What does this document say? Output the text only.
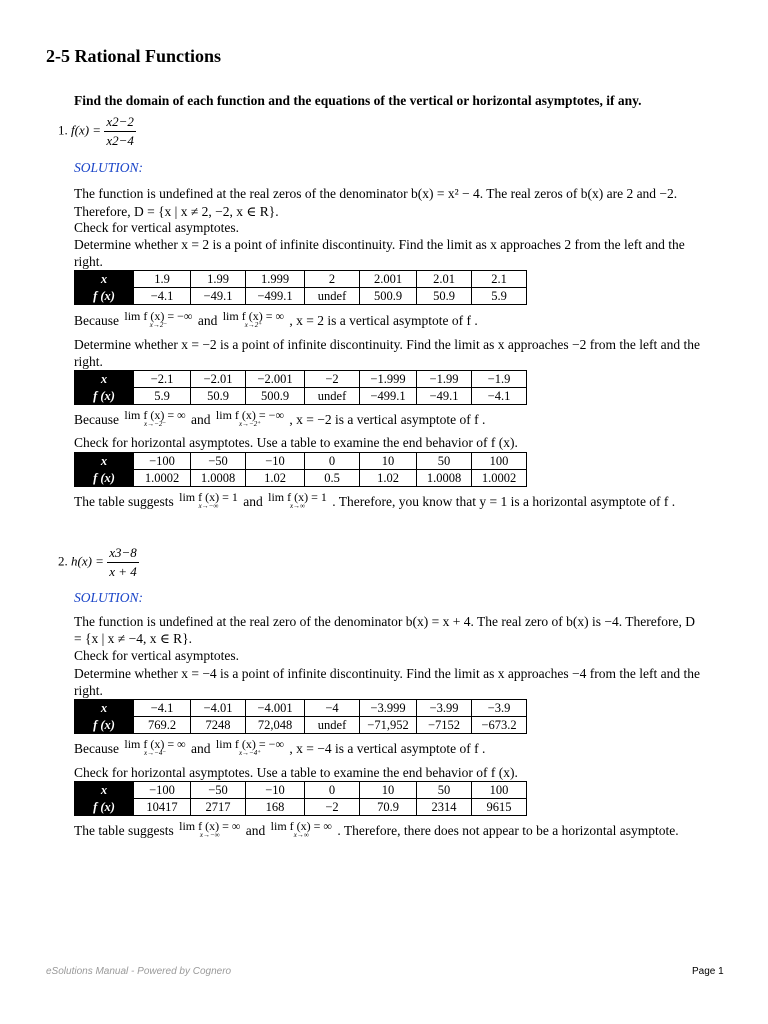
2-5 Rational Functions
Find the domain of each function and the equations of the vertical or horizontal asymptotes, if any.
1. $f(x) = \frac{x2-2}{x2-4}$
SOLUTION:
The function is undefined at the real zeros of the denominator b(x) = x² − 4. The real zeros of b(x) are 2 and −2.
Therefore, D = {x | x ≠ 2, −2, x ∈ R}.
Check for vertical asymptotes.
Determine whether x = 2 is a point of infinite discontinuity. Find the limit as x approaches 2 from the left and the
right.
x	1.9	1.99	1.999	2	2.001	2.01	2.1
f (x)	−4.1	−49.1	−499.1	undef	500.9	50.9	5.9
Because lim f (x) = −∞
x→2⁻	and lim f (x) = ∞
x→2⁺	, x = 2 is a vertical asymptote of f .
Determine whether x = −2 is a point of infinite discontinuity. Find the limit as x approaches −2 from the left and the
right.
x	−2.1	−2.01	−2.001	−2	−1.999	−1.99	−1.9
f (x)	5.9	50.9	500.9	undef	−499.1	−49.1	−4.1
Because lim f (x) = ∞
x→−2⁻	and lim f (x) = −∞
x→−2⁺	, x = −2 is a vertical asymptote of f .
Check for horizontal asymptotes. Use a table to examine the end behavior of f (x).
x	−100	−50	−10	0	10	50	100
f (x)	1.0002	1.0008	1.02	0.5	1.02	1.0008	1.0002
The table suggests lim f (x) = 1
x→−∞	and lim f (x) = 1
x→∞	. Therefore, you know that y = 1 is a horizontal asymptote of f .
2. $h(x) = \frac{x3-8}{x + 4}$
SOLUTION:
The function is undefined at the real zero of the denominator b(x) = x + 4. The real zero of b(x) is −4. Therefore, D
= {x | x ≠ −4, x ∈ R}.
Check for vertical asymptotes.
Determine whether x = −4 is a point of infinite discontinuity. Find the limit as x approaches −4 from the left and the
right.
x	−4.1	−4.01	−4.001	−4	−3.999	−3.99	−3.9
f (x)	769.2	7248	72,048	undef	−71,952	−7152	−673.2
Because lim f (x) = ∞
x→−4⁻	and lim f (x) = −∞
x→−4⁺	, x = −4 is a vertical asymptote of f .
Check for horizontal asymptotes. Use a table to examine the end behavior of f (x).
x	−100	−50	−10	0	10	50	100
f (x)	10417	2717	168	−2	70.9	2314	9615
The table suggests lim f (x) = ∞
x→−∞	and lim f (x) = ∞
x→∞	. Therefore, there does not appear to be a horizontal asymptote.
eSolutions Manual - Powered by Cognero	Page 1
